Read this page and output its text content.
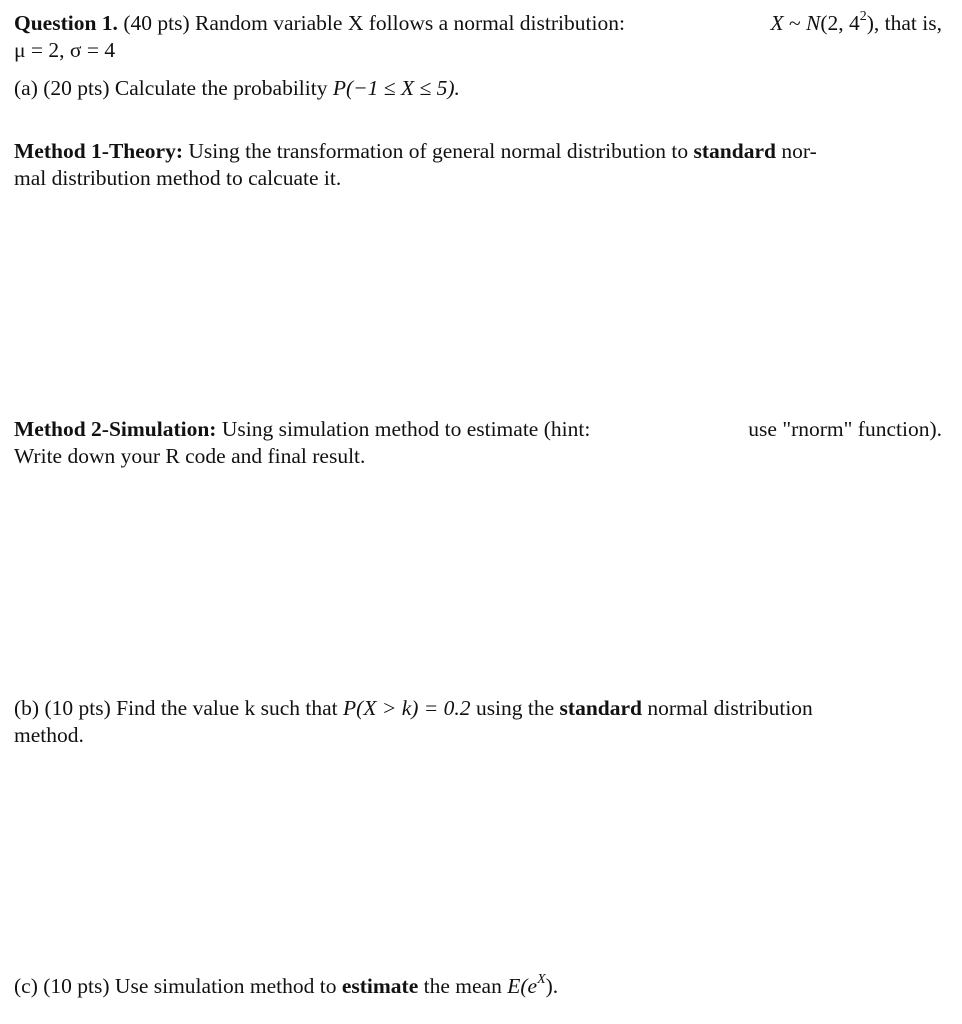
Question 1. (40 pts) Random variable X follows a normal distribution:	X ~ N(2, $4^2$), that is,
μ = 2, σ = 4
(a) (20 pts) Calculate the probability P(−1 ≤ X ≤ 5).
Method 1-Theory: Using the transformation of general normal distribution to standard nor-
mal distribution method to calcuate it.
Method 2-Simulation: Using simulation method to estimate (hint:	use "rnorm" function).
Write down your R code and final result.
(b) (10 pts) Find the value k such that P(X > k) = 0.2 using the standard normal distribution
method.
(c) (10 pts) Use simulation method to estimate the mean $E(e^X)$.
